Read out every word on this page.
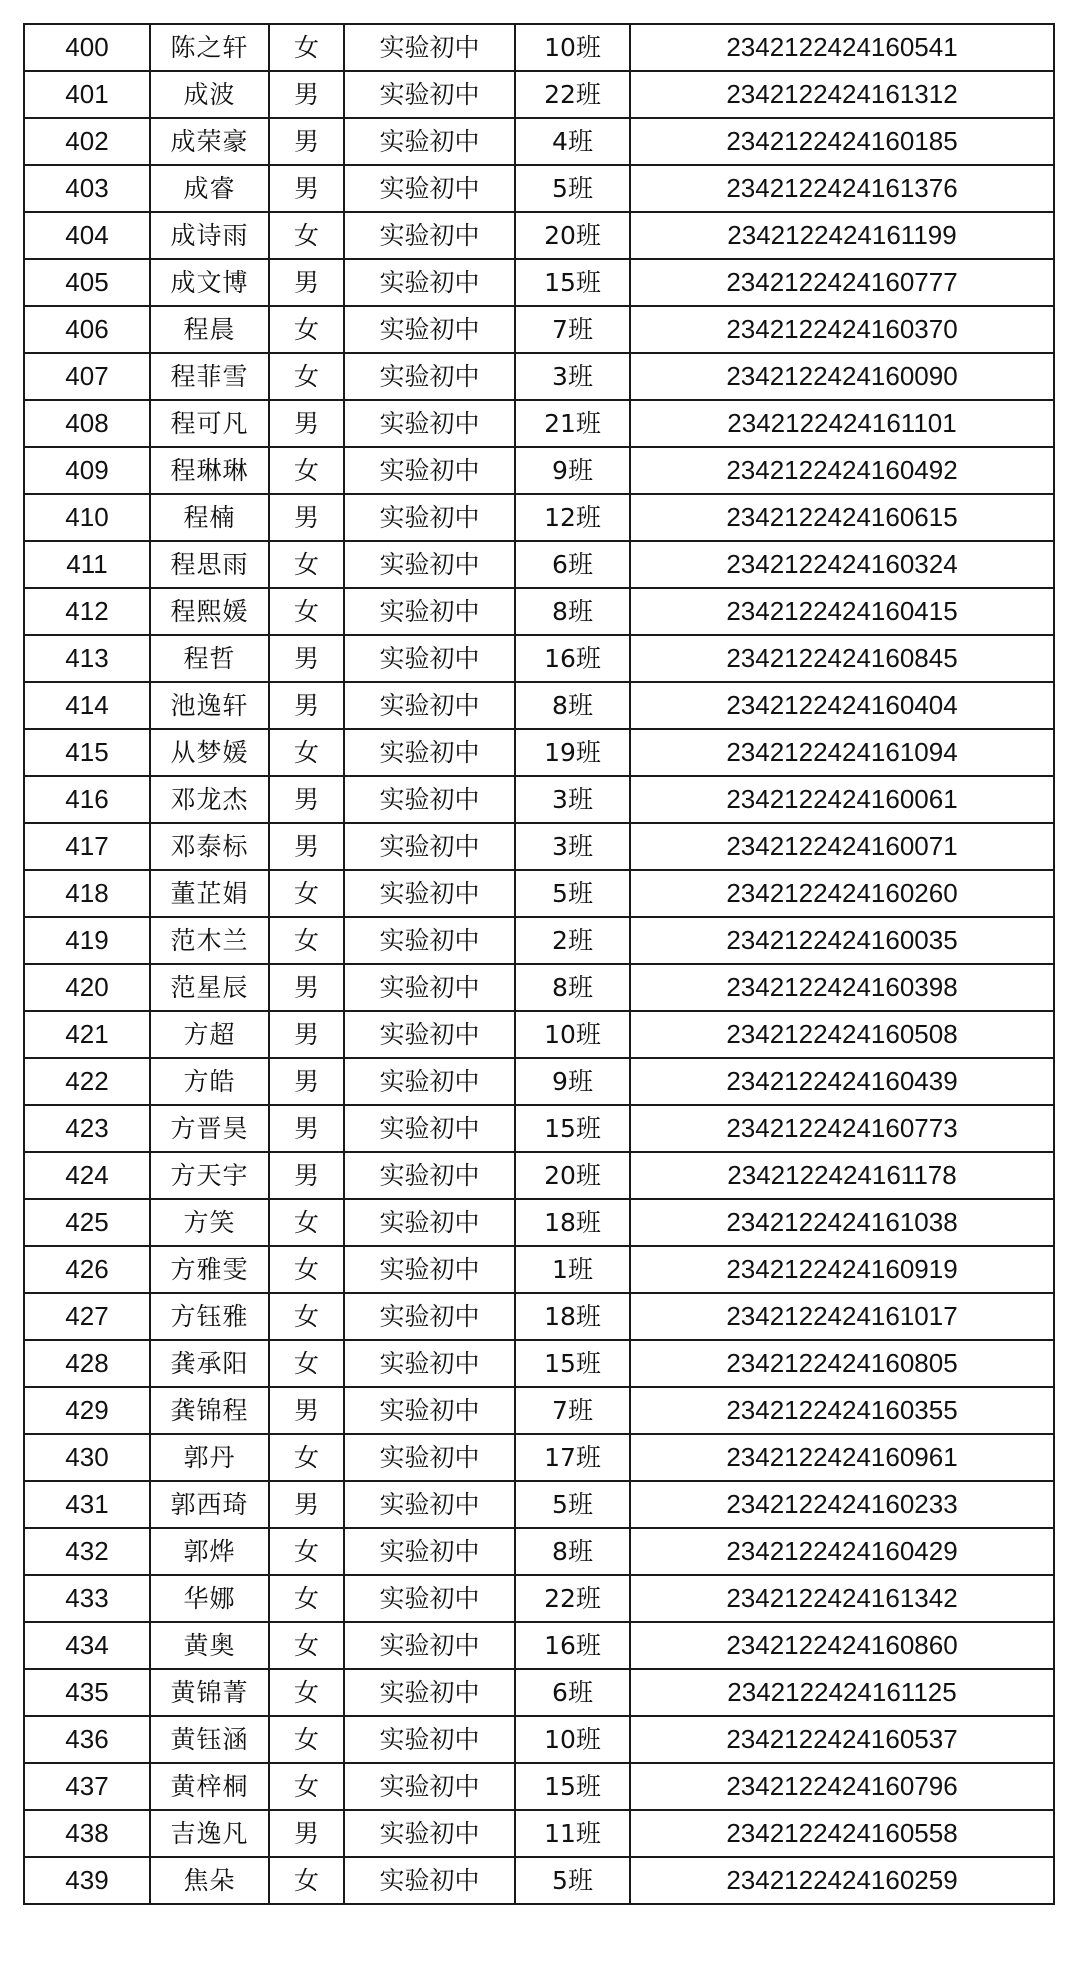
400	陈之轩	女	实验初中	10班	2342122424160541
401	成波	男	实验初中	22班	2342122424161312
402	成荣豪	男	实验初中	4班	2342122424160185
403	成睿	男	实验初中	5班	2342122424161376
404	成诗雨	女	实验初中	20班	2342122424161199
405	成文博	男	实验初中	15班	2342122424160777
406	程晨	女	实验初中	7班	2342122424160370
407	程菲雪	女	实验初中	3班	2342122424160090
408	程可凡	男	实验初中	21班	2342122424161101
409	程琳琳	女	实验初中	9班	2342122424160492
410	程楠	男	实验初中	12班	2342122424160615
411	程思雨	女	实验初中	6班	2342122424160324
412	程熙媛	女	实验初中	8班	2342122424160415
413	程哲	男	实验初中	16班	2342122424160845
414	池逸轩	男	实验初中	8班	2342122424160404
415	从梦媛	女	实验初中	19班	2342122424161094
416	邓龙杰	男	实验初中	3班	2342122424160061
417	邓泰标	男	实验初中	3班	2342122424160071
418	董芷娟	女	实验初中	5班	2342122424160260
419	范木兰	女	实验初中	2班	2342122424160035
420	范星辰	男	实验初中	8班	2342122424160398
421	方超	男	实验初中	10班	2342122424160508
422	方皓	男	实验初中	9班	2342122424160439
423	方晋昊	男	实验初中	15班	2342122424160773
424	方天宇	男	实验初中	20班	2342122424161178
425	方笑	女	实验初中	18班	2342122424161038
426	方雅雯	女	实验初中	1班	2342122424160919
427	方钰雅	女	实验初中	18班	2342122424161017
428	龚承阳	女	实验初中	15班	2342122424160805
429	龚锦程	男	实验初中	7班	2342122424160355
430	郭丹	女	实验初中	17班	2342122424160961
431	郭西琦	男	实验初中	5班	2342122424160233
432	郭烨	女	实验初中	8班	2342122424160429
433	华娜	女	实验初中	22班	2342122424161342
434	黄奥	女	实验初中	16班	2342122424160860
435	黄锦菁	女	实验初中	6班	2342122424161125
436	黄钰涵	女	实验初中	10班	2342122424160537
437	黄梓桐	女	实验初中	15班	2342122424160796
438	吉逸凡	男	实验初中	11班	2342122424160558
439	焦朵	女	实验初中	5班	2342122424160259
